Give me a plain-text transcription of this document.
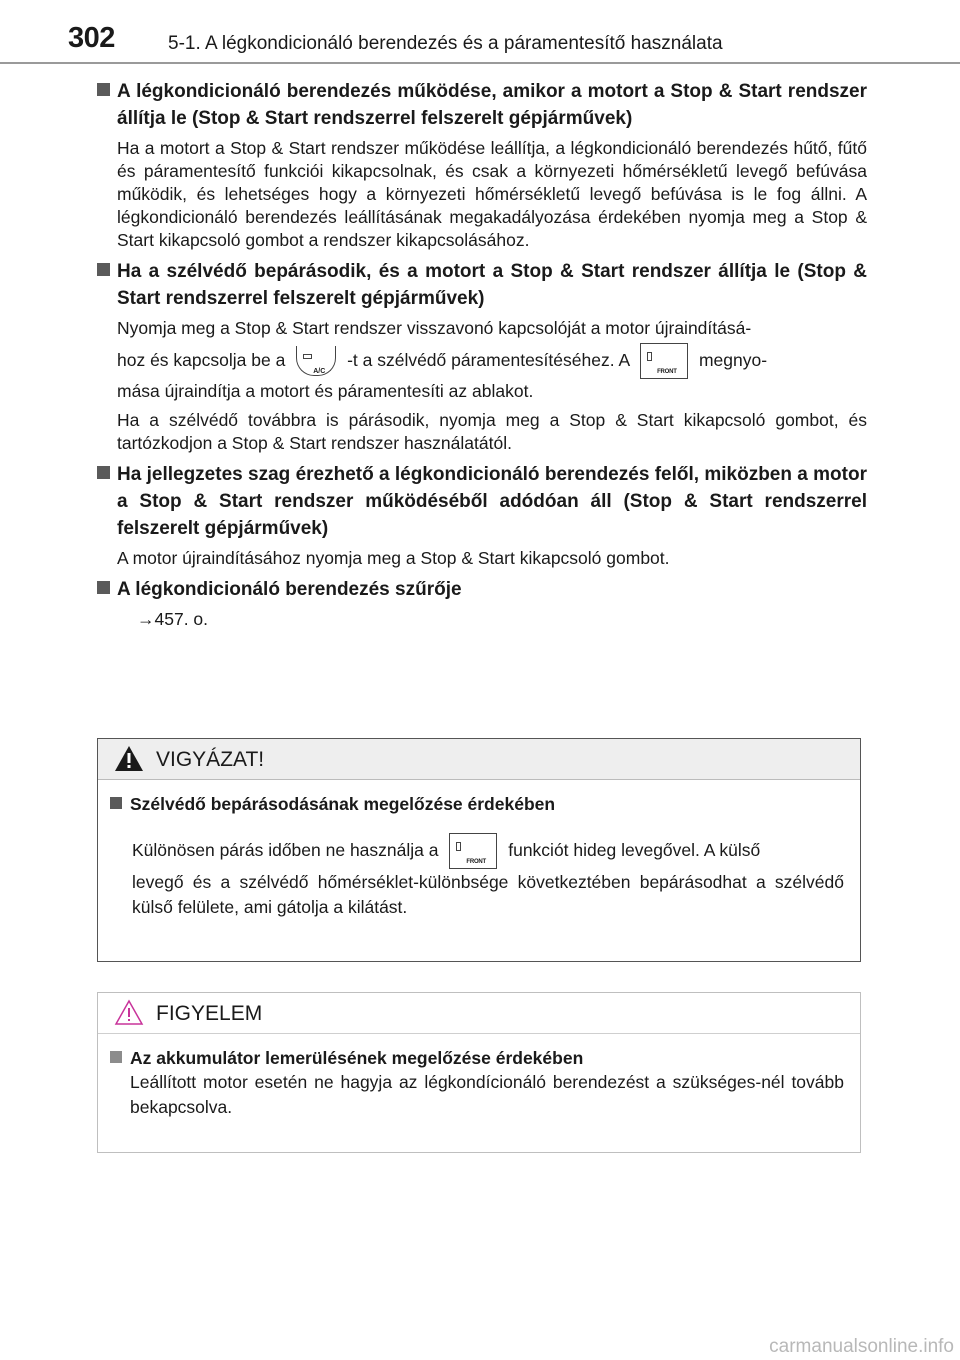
302	5-1. A légkondicionáló berendezés és a páramentesítő használata
A légkondicionáló berendezés működése, amikor a motort a Stop & Start rendszer állítja le (Stop & Start rendszerrel felszerelt gépjárművek)

Ha a motort a Stop & Start rendszer működése leállítja, a légkondicionáló berendezés hűtő, fűtő és páramentesítő funkciói kikapcsolnak, és csak a környezeti hőmérsékletű levegő befúvása működik, és lehetséges hogy a környezeti hőmérsékletű levegő befúvása is le fog állni. A légkondicionáló berendezés leállításának megakadályozása érdekében nyomja meg a Stop & Start kikapcsoló gombot a rendszer kikapcsolásához.

Ha a szélvédő bepárásodik, és a motort a Stop & Start rendszer állítja le (Stop & Start rendszerrel felszerelt gépjárművek)

Nyomja meg a Stop & Start rendszer visszavonó kapcsolóját a motor újraindításá-

hoz és kapcsolja be a
A/C
-t a szélvédő páramentesítéséhez. A
FRONT
megnyo-

mása újraindítja a motort és páramentesíti az ablakot.

Ha a szélvédő továbbra is párásodik, nyomja meg a Stop & Start kikapcsoló gombot, és tartózkodjon a Stop & Start rendszer használatától.

Ha jellegzetes szag érezhető a légkondicionáló berendezés felől, miközben a motor a Stop & Start rendszer működéséből adódóan áll (Stop & Start rendszerrel felszerelt gépjárművek)

A motor újraindításához nyomja meg a Stop & Start kikapcsoló gombot.

A légkondicionáló berendezés szűrője

→457. o.

VIGYÁZAT!
Szélvédő bepárásodásának megelőzése érdekében
Különösen párás időben ne használja a
FRONT
funkciót hideg levegővel. A külső
levegő és a szélvédő hőmérséklet-különbsége következtében bepárásodhat a szélvédő külső felülete, ami gátolja a kilátást.
FIGYELEM
Az akkumulátor lemerülésének megelőzése érdekében
Leállított motor esetén ne hagyja az légkondícionáló berendezést a szükséges-nél tovább bekapcsolva.
carmanualsonline.info
